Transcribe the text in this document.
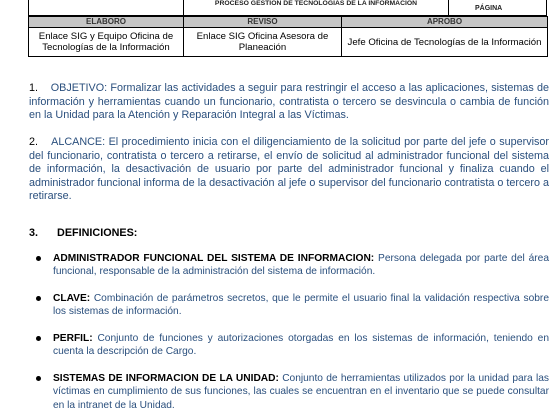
PROCESO GESTION DE TECNOLOGIAS DE LA INFORMACION
PÁGINA
ELABORO	REVISO	APROBO
Enlace SIG y Equipo Oficina de Tecnologías de la Información	Enlace SIG Oficina Asesora de Planeación	Jefe Oficina de Tecnologías de la Información

1. OBJETIVO: Formalizar las actividades a seguir para restringir el acceso a las aplicaciones, sistemas de información y herramientas cuando un funcionario, contratista o tercero se desvincula o cambia de función en la Unidad para la Atención y Reparación Integral a las Víctimas.

2. ALCANCE: El procedimiento inicia con el diligenciamiento de la solicitud por parte del jefe o supervisor del funcionario, contratista o tercero a retirarse, el envío de solicitud al administrador funcional del sistema de información, la desactivación de usuario por parte del administrador funcional y finaliza cuando el administrador funcional informa de la desactivación al jefe o supervisor del funcionario contratista o tercero a retirarse.

3. DEFINICIONES:

ADMINISTRADOR FUNCIONAL DEL SISTEMA DE INFORMACION: Persona delegada por parte del área funcional, responsable de la administración del sistema de información.

CLAVE: Combinación de parámetros secretos, que le permite el usuario final la validación respectiva sobre los sistemas de información.

PERFIL: Conjunto de funciones y autorizaciones otorgadas en los sistemas de información, teniendo en cuenta la descripción de Cargo.

SISTEMAS DE INFORMACION DE LA UNIDAD: Conjunto de herramientas utilizados por la unidad para las víctimas en cumplimiento de sus funciones, las cuales se encuentran en el inventario que se puede consultar en la intranet de la Unidad.
